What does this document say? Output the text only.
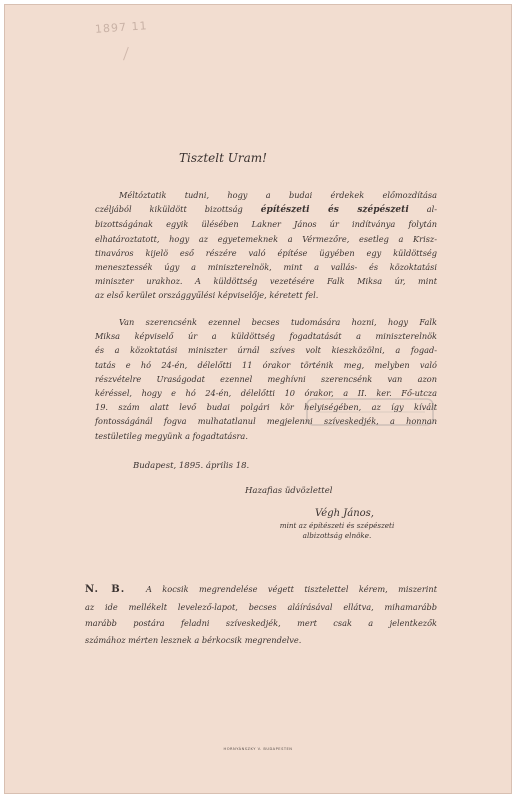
1897 11
Tisztelt Uram!
Méltóztatik tudni, hogy a budai érdekek előmozdítása
czéljából kiküldött bizottság építészeti és szépészeti al-
bizottságának egyik ülésében Lakner János úr indítványa folytán
elhatároztatott, hogy az egyetemeknek a Vérmezőre, esetleg a Krisz-
tinaváros kijelö eső részére való építése ügyében egy küldöttség
menesztessék úgy a miniszterelnök, mint a vallás- és közoktatási
miniszter urakhoz. A küldöttség vezetésére Falk Miksa úr, mint
az első kerület országgyűlési képviselője, kéretett fel.
Van szerencsénk ezennel becses tudomására hozni, hogy Falk
Miksa képviselő úr a küldöttség fogadtatását a miniszterelnök
és a közoktatási miniszter úrnál szíves volt kieszközölni, a fogad-
tatás e hó 24-én, délelőtti 11 órakor történik meg, melyben való
részvételre Uraságodat ezennel meghívni szerencsénk van azon
kéréssel, hogy e hó 24-én, délelőtti 10 órakor, a II. ker. Fő-utcza
19. szám alatt levő budai polgári kör helyiségében, az így kívált
fontosságánál fogva mulhatatlanul megjelenni szíveskedjék, a honnan
testületileg megyünk a fogadtatásra.
Budapest, 1895. április 18.
Hazafias üdvözlettel
Végh János,
mint az építészeti és szépészeti
albizottság elnöke.
N. B.	A kocsik megrendelése végett tisztelettel kérem, miszerint
az ide mellékelt levelező-lapot, becses aláírásával ellátva, mihamarább
marább postára feladni szíveskedjék, mert csak a jelentkezők
számához mérten lesznek a bérkocsik megrendelve.
HORNYÁNSZKY V. BUDAPESTEN
